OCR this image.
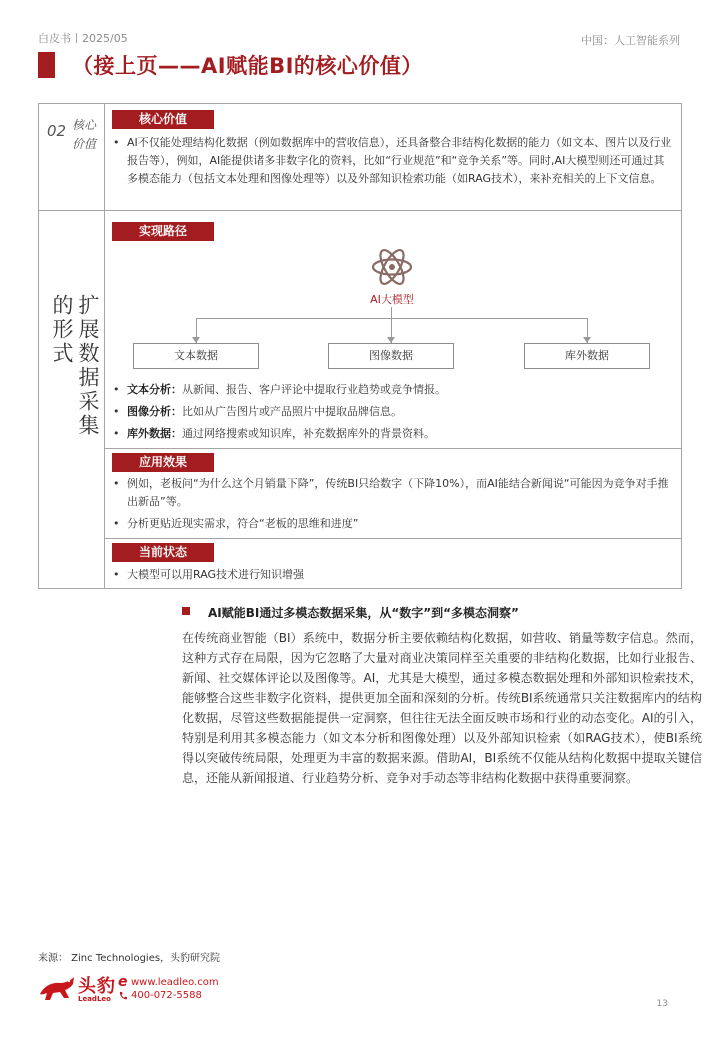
白皮书丨2025/05	中国：人工智能系列
（接上页——AI赋能BI的核心价值）
02 核心价值
扩展数据采集的形式
核心价值
• AI不仅能处理结构化数据（例如数据库中的营收信息），还具备整合非结构化数据的能力（如文本、图片以及行业报告等），例如，AI能提供诸多非数字化的资料，比如“行业规范”和“竞争关系”等。同时,AI大模型则还可通过其多模态能力（包括文本处理和图像处理等）以及外部知识检索功能（如RAG技术），来补充相关的上下文信息。
实现路径
AI大模型
文本数据	图像数据	库外数据
• 文本分析：从新闻、报告、客户评论中提取行业趋势或竞争情报。
• 图像分析：比如从广告图片或产品照片中提取品牌信息。
• 库外数据：通过网络搜索或知识库，补充数据库外的背景资料。
应用效果
• 例如，老板问“为什么这个月销量下降”，传统BI只给数字（下降10%），而AI能结合新闻说“可能因为竞争对手推出新品”等。
• 分析更贴近现实需求，符合“老板的思维和进度”
当前状态
• 大模型可以用RAG技术进行知识增强
AI赋能BI通过多模态数据采集，从“数字”到“多模态洞察”
在传统商业智能（BI）系统中，数据分析主要依赖结构化数据，如营收、销量等数字信息。然而，这种方式存在局限，因为它忽略了大量对商业决策同样至关重要的非结构化数据，比如行业报告、新闻、社交媒体评论以及图像等。AI，尤其是大模型，通过多模态数据处理和外部知识检索技术，能够整合这些非数字化资料，提供更加全面和深刻的分析。传统BI系统通常只关注数据库内的结构化数据，尽管这些数据能提供一定洞察，但往往无法全面反映市场和行业的动态变化。AI的引入，特别是利用其多模态能力（如文本分析和图像处理）以及外部知识检索（如RAG技术），使BI系统得以突破传统局限，处理更为丰富的数据来源。借助AI，BI系统不仅能从结构化数据中提取关键信息，还能从新闻报道、行业趋势分析、竞争对手动态等非结构化数据中获得重要洞察。
来源： Zinc Technologies，头豹研究院
头豹
LeadLeo
e www.leadleo.com
400-072-5588
13
